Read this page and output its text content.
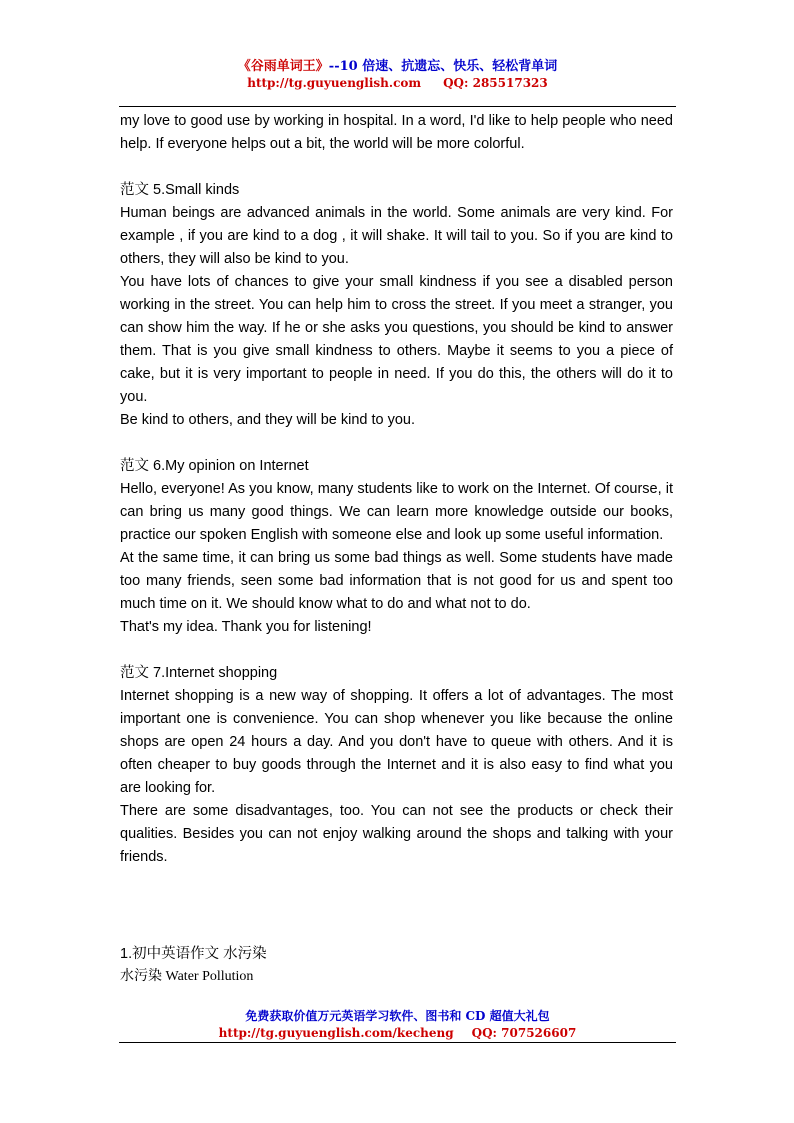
《谷雨单词王》--10 倍速、抗遗忘、快乐、轻松背单词
http://tg.guyuenglish.com QQ: 285517323

my love to good use by working in hospital. In a word, I'd like to help people who need help. If everyone helps out a bit, the world will be more colorful.

范文 5.Small kinds

Human beings are advanced animals in the world. Some animals are very kind. For example , if you are kind to a dog , it will shake. It will tail to you. So if you are kind to others, they will also be kind to you.

You have lots of chances to give your small kindness if you see a disabled person working in the street. You can help him to cross the street. If you meet a stranger, you can show him the way. If he or she asks you questions, you should be kind to answer them. That is you give small kindness to others. Maybe it seems to you a piece of cake, but it is very important to people in need. If you do this, the others will do it to you.

Be kind to others, and they will be kind to you.

范文 6.My opinion on Internet

Hello, everyone! As you know, many students like to work on the Internet. Of course, it can bring us many good things. We can learn more knowledge outside our books, practice our spoken English with someone else and look up some useful information.

At the same time, it can bring us some bad things as well. Some students have made too many friends, seen some bad information that is not good for us and spent too much time on it. We should know what to do and what not to do.

That's my idea. Thank you for listening!

范文 7.Internet shopping

Internet shopping is a new way of shopping. It offers a lot of advantages. The most important one is convenience. You can shop whenever you like because the online shops are open 24 hours a day. And you don't have to queue with others. And it is often cheaper to buy goods through the Internet and it is also easy to find what you are looking for.

There are some disadvantages, too. You can not see the products or check their qualities. Besides you can not enjoy walking around the shops and talking with your friends.

1.初中英语作文 水污染

水污染 Water Pollution

免费获取价值万元英语学习软件、图书和 CD 超值大礼包
http://tg.guyuenglish.com/kecheng QQ: 707526607
